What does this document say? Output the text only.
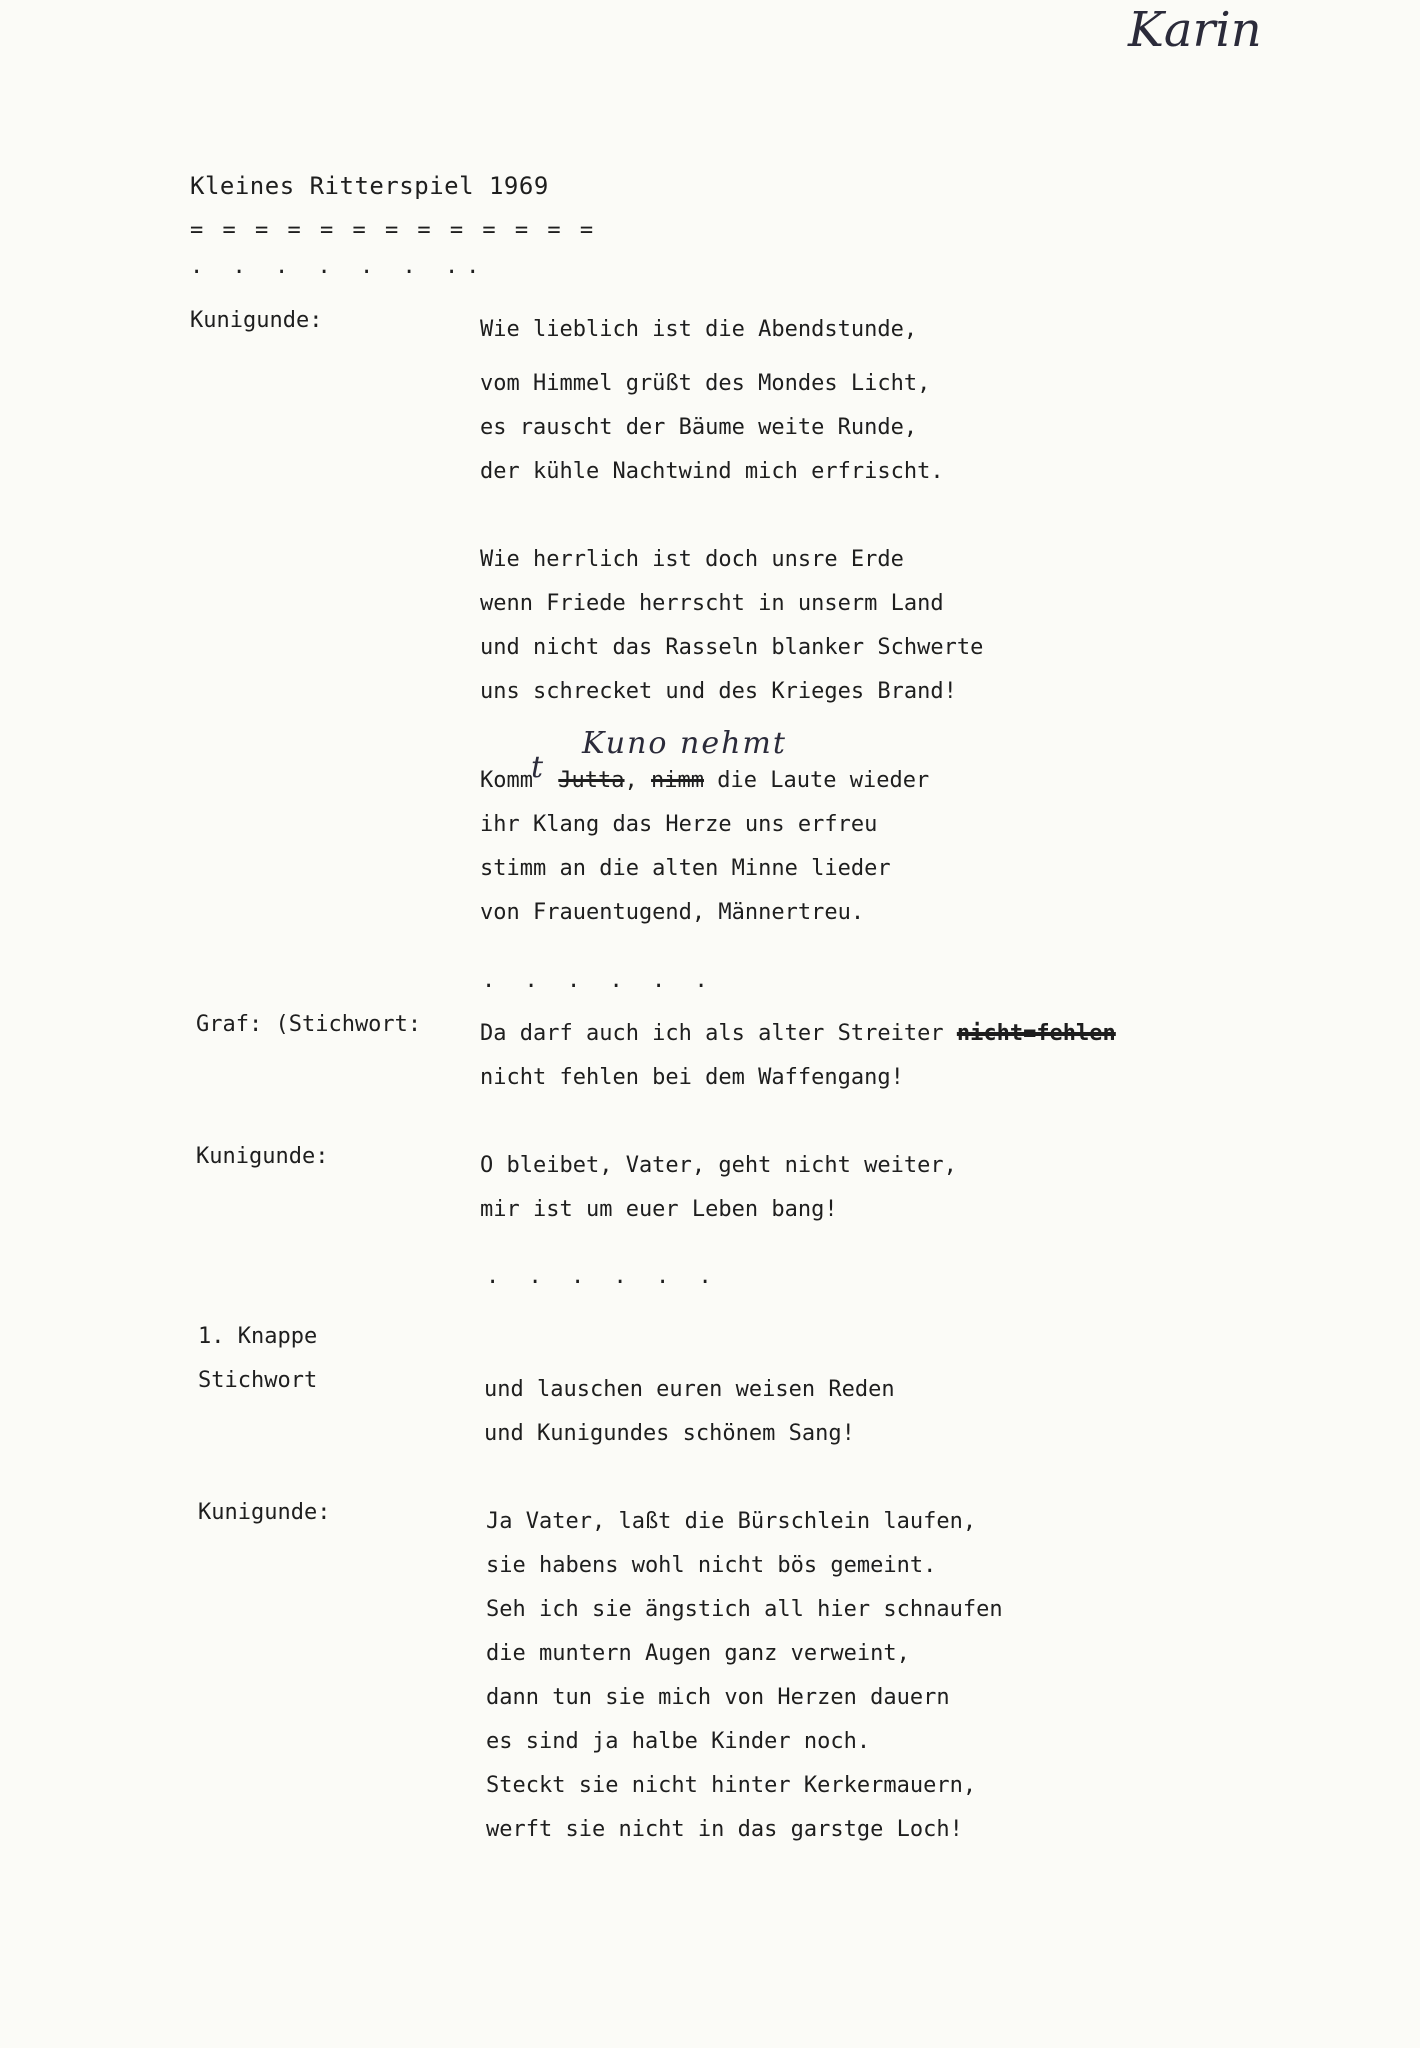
Karin
Kleines Ritterspiel 1969
= = = = = = = = = = = = =
. . . . . . ..
Kunigunde:	Wie lieblich ist die Abendstunde,
vom Himmel grüßt des Mondes Licht,
es rauscht der Bäume weite Runde,
der kühle Nachtwind mich erfrischt.
Wie herrlich ist doch unsre Erde
wenn Friede herrscht in unserm Land
und nicht das Rasseln blanker Schwerte
uns schrecket und des Krieges Brand!
Kuno nehmt
Kommt Jutta, nimm die Laute wieder
ihr Klang das Herze uns erfreu
stimm an die alten Minne lieder
von Frauentugend, Männertreu.
. . . . . .
Graf: (Stichwort:	Da darf auch ich als alter Streiter nicht=fehlen
nicht fehlen bei dem Waffengang!
Kunigunde:	O bleibet, Vater, geht nicht weiter,
mir ist um euer Leben bang!
. . . . . .
1. Knappe
Stichwort	und lauschen euren weisen Reden
und Kunigundes schönem Sang!
Kunigunde:	Ja Vater, laßt die Bürschlein laufen,
sie habens wohl nicht bös gemeint.
Seh ich sie ängstich all hier schnaufen
die muntern Augen ganz verweint,
dann tun sie mich von Herzen dauern
es sind ja halbe Kinder noch.
Steckt sie nicht hinter Kerkermauern,
werft sie nicht in das garstge Loch!
